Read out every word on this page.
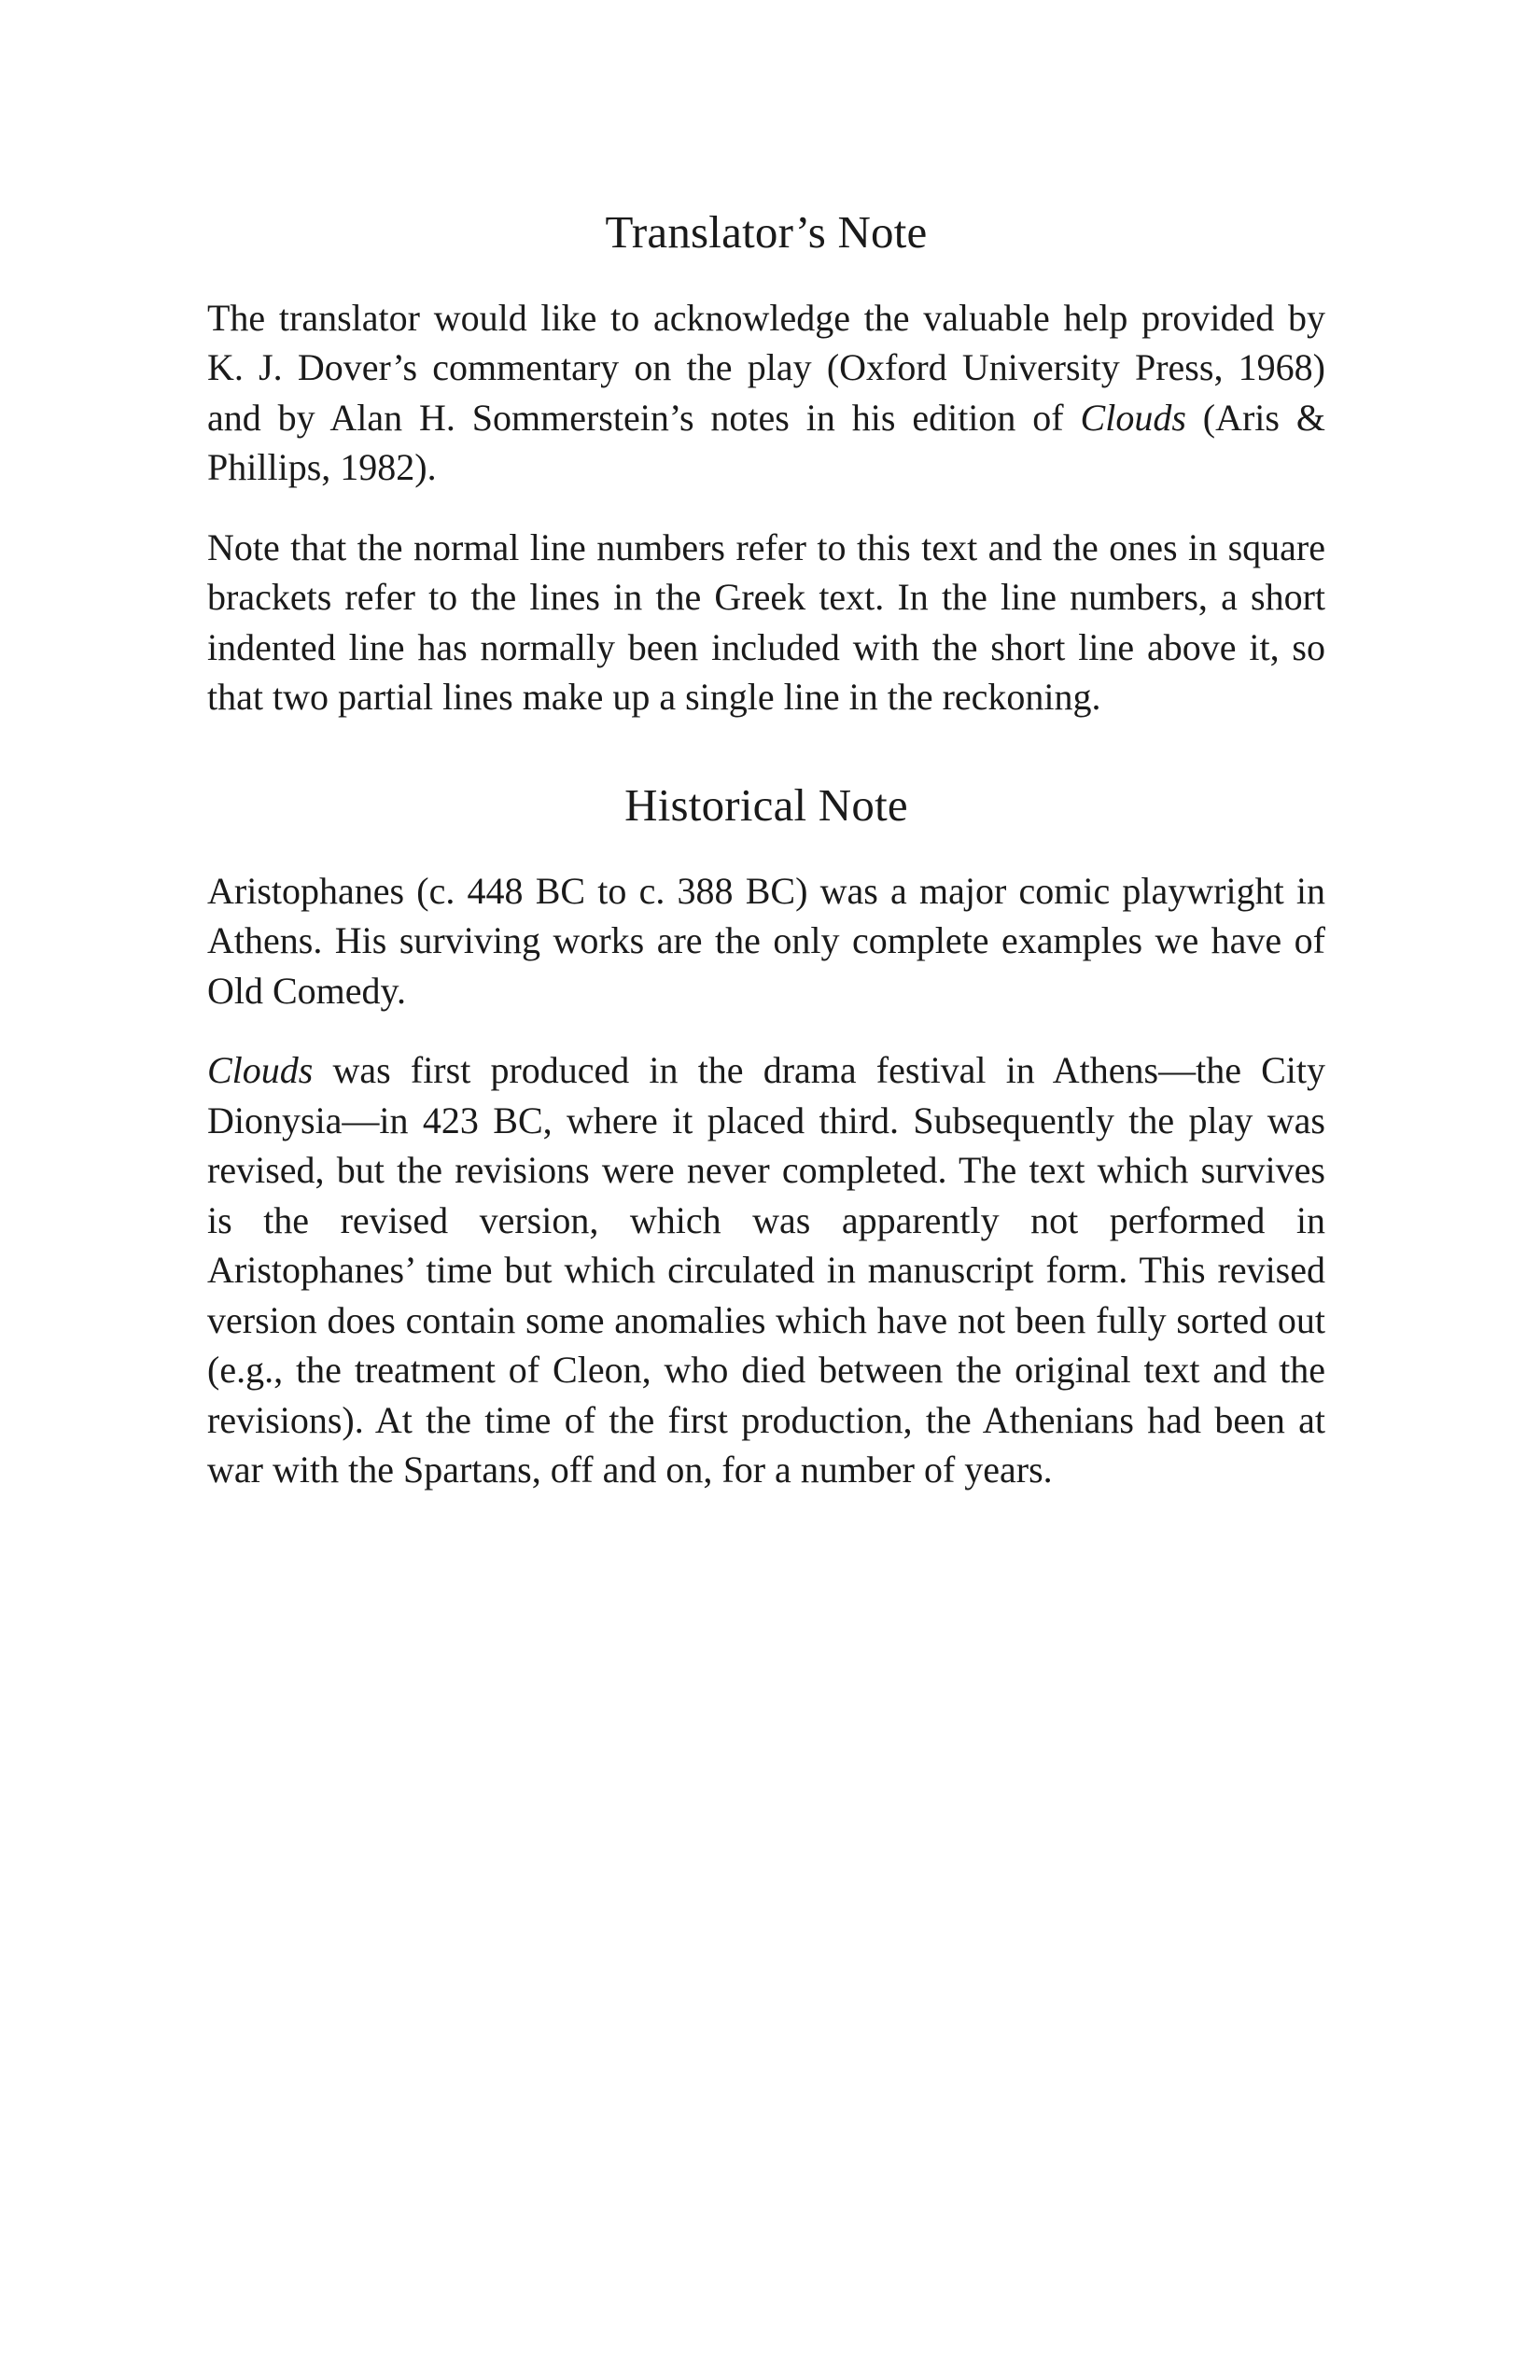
Translator’s Note

The translator would like to acknowledge the valuable help provided by K. J. Dover’s commentary on the play (Oxford University Press, 1968) and by Alan H. Sommerstein’s notes in his edition of Clouds (Aris & Phillips, 1982).

Note that the normal line numbers refer to this text and the ones in square brackets refer to the lines in the Greek text. In the line numbers, a short indented line has normally been included with the short line above it, so that two partial lines make up a single line in the reckoning.

Historical Note

Aristophanes (c. 448 BC to c. 388 BC) was a major comic playwright in Athens. His surviving works are the only complete examples we have of Old Comedy.

Clouds was first produced in the drama festival in Athens—the City Dionysia—in 423 BC, where it placed third. Subsequently the play was revised, but the revisions were never completed. The text which survives is the revised version, which was apparently not performed in Aristophanes’ time but which circulated in manuscript form. This revised version does contain some anomalies which have not been fully sorted out (e.g., the treatment of Cleon, who died between the original text and the revisions). At the time of the first production, the Athenians had been at war with the Spartans, off and on, for a number of years.
